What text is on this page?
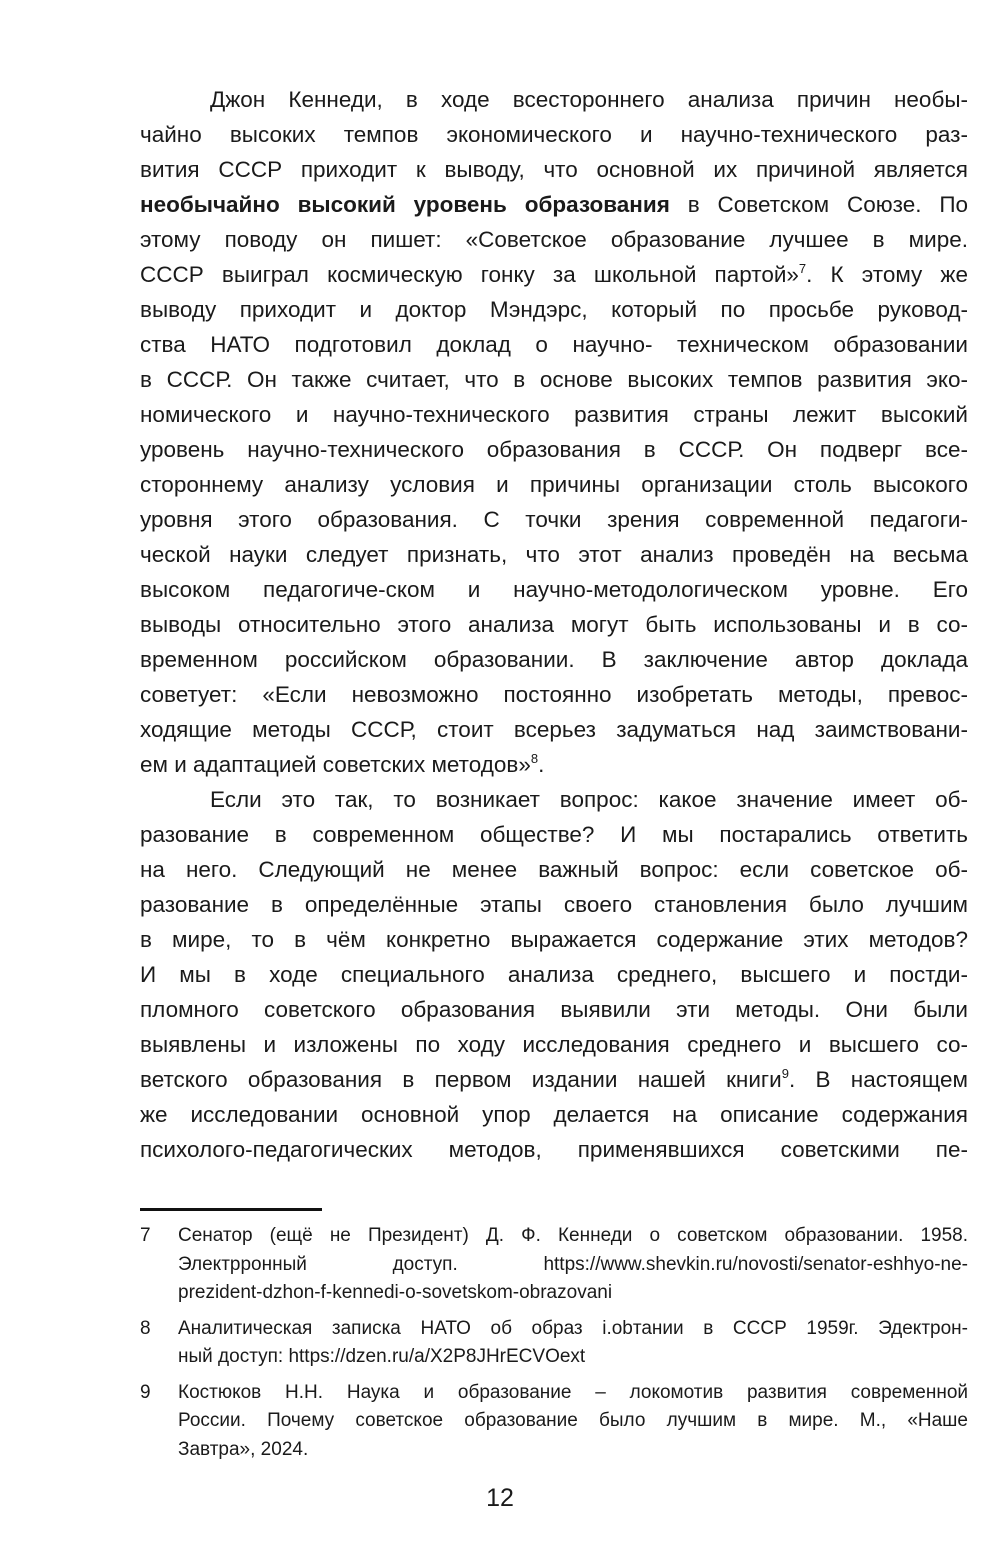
Джон Кеннеди, в ходе всестороннего анализа причин необы-
чайно высоких темпов экономического и научно-технического раз-
вития СССР приходит к выводу, что основной их причиной является
необычайно высокий уровень образования в Советском Союзе. По
этому поводу он пишет: «Советское образование лучшее в мире.
СССР выиграл космическую гонку за школьной партой»$^7$. К этому же
выводу приходит и доктор Мэндэрс, который по просьбе руковод-
ства НАТО подготовил доклад о научно- техническом образовании
в СССР. Он также считает, что в основе высоких темпов развития эко-
номического и научно-технического развития страны лежит высокий
уровень научно-технического образования в СССР. Он подверг все-
стороннему анализу условия и причины организации столь высокого
уровня этого образования. С точки зрения современной педагоги-
ческой науки следует признать, что этот анализ проведён на весьма
высоком педагогиче-ском и научно-методологическом уровне. Его
выводы относительно этого анализа могут быть использованы и в со-
временном российском образовании. В заключение автор доклада
советует: «Если невозможно постоянно изобретать методы, превос-
ходящие методы СССР, стоит всерьез задуматься над заимствовани-
ем и адаптацией советских методов»$^8$.
Если это так, то возникает вопрос: какое значение имеет об-
разование в современном обществе? И мы постарались ответить
на него. Следующий не менее важный вопрос: если советское об-
разование в определённые этапы своего становления было лучшим
в мире, то в чём конкретно выражается содержание этих методов?
И мы в ходе специального анализа среднего, высшего и постди-
пломного советского образования выявили эти методы. Они были
выявлены и изложены по ходу исследования среднего и высшего со-
ветского образования в первом издании нашей книги$^9$. В настоящем
же исследовании основной упор делается на описание содержания
психолого-педагогических методов, применявшихся советскими пе-
7 Сенатор (ещё не Президент) Д. Ф. Кеннеди о советском образовании. 1958.
Электрронный доступ. https://www.shevkin.ru/novosti/senator-eshhyo-ne-
prezident-dzhon-f-kennedi-o-sovetskom-obrazovani
8 Аналитическая записка НАТО об образ i.obтании в СССР 1959г. Эдектрон-
ный доступ: https://dzen.ru/a/X2P8JHrECVOext
9 Костюков Н.Н. Наука и образование – локомотив развития современной
России. Почему советское образование было лучшим в мире. М., «Наше
Завтра», 2024.
12
